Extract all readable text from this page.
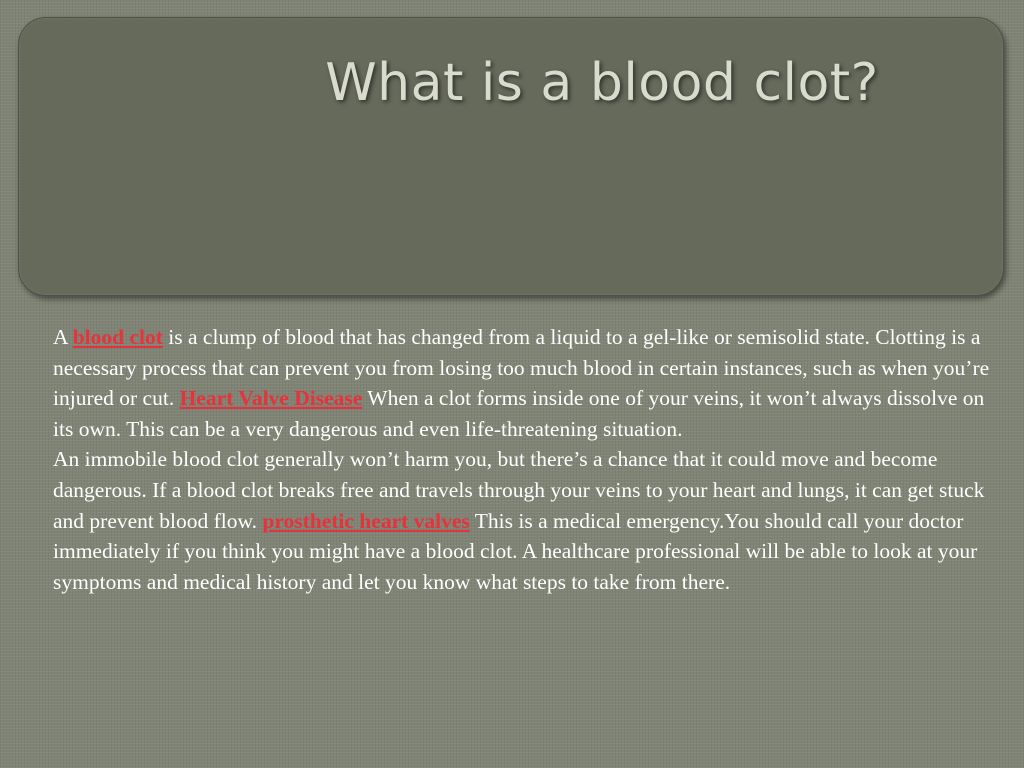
What is a blood clot?

A blood clot is a clump of blood that has changed from a liquid to a gel-like or semisolid state. Clotting is a necessary process that can prevent you from losing too much blood in certain instances, such as when you’re injured or cut. Heart Valve Disease When a clot forms inside one of your veins, it won’t always dissolve on its own. This can be a very dangerous and even life-threatening situation.

An immobile blood clot generally won’t harm you, but there’s a chance that it could move and become dangerous. If a blood clot breaks free and travels through your veins to your heart and lungs, it can get stuck and prevent blood flow. prosthetic heart valves This is a medical emergency.You should call your doctor immediately if you think you might have a blood clot. A healthcare professional will be able to look at your symptoms and medical history and let you know what steps to take from there.
